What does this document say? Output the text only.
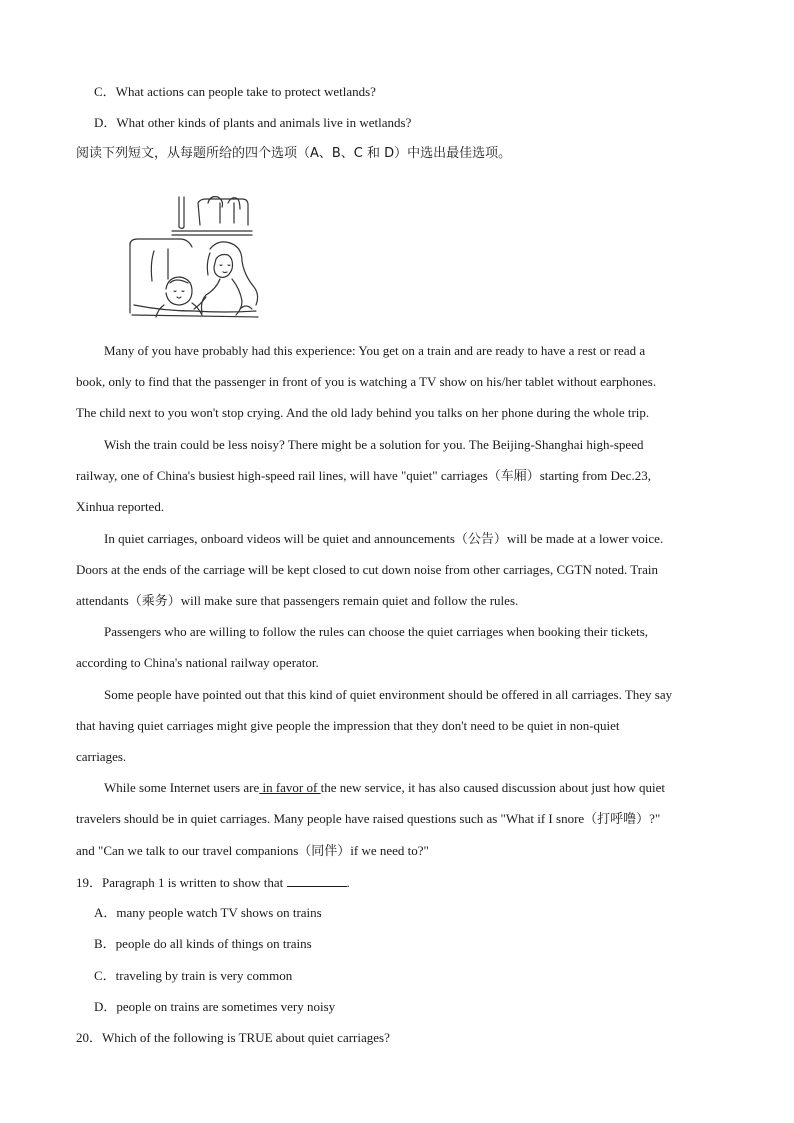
C．What actions can people take to protect wetlands?
D．What other kinds of plants and animals live in wetlands?
阅读下列短文，从每题所给的四个选项（A、B、C 和 D）中选出最佳选项。
Many of you have probably had this experience: You get on a train and are ready to have a rest or read a
book, only to find that the passenger in front of you is watching a TV show on his/her tablet without earphones.
The child next to you won't stop crying. And the old lady behind you talks on her phone during the whole trip.
Wish the train could be less noisy? There might be a solution for you. The Beijing-Shanghai high-speed
railway, one of China's busiest high-speed rail lines, will have "quiet" carriages（车厢）starting from Dec.23,
Xinhua reported.
In quiet carriages, onboard videos will be quiet and announcements（公告）will be made at a lower voice.
Doors at the ends of the carriage will be kept closed to cut down noise from other carriages, CGTN noted. Train
attendants（乘务）will make sure that passengers remain quiet and follow the rules.
Passengers who are willing to follow the rules can choose the quiet carriages when booking their tickets,
according to China's national railway operator.
Some people have pointed out that this kind of quiet environment should be offered in all carriages. They say
that having quiet carriages might give people the impression that they don't need to be quiet in non-quiet
carriages.
While some Internet users are in favor of the new service, it has also caused discussion about just how quiet
travelers should be in quiet carriages. Many people have raised questions such as "What if I snore（打呼噜）?"
and "Can we talk to our travel companions（同伴）if we need to?"
19．Paragraph 1 is written to show that	.
A．many people watch TV shows on trains
B．people do all kinds of things on trains
C．traveling by train is very common
D．people on trains are sometimes very noisy
20．Which of the following is TRUE about quiet carriages?
